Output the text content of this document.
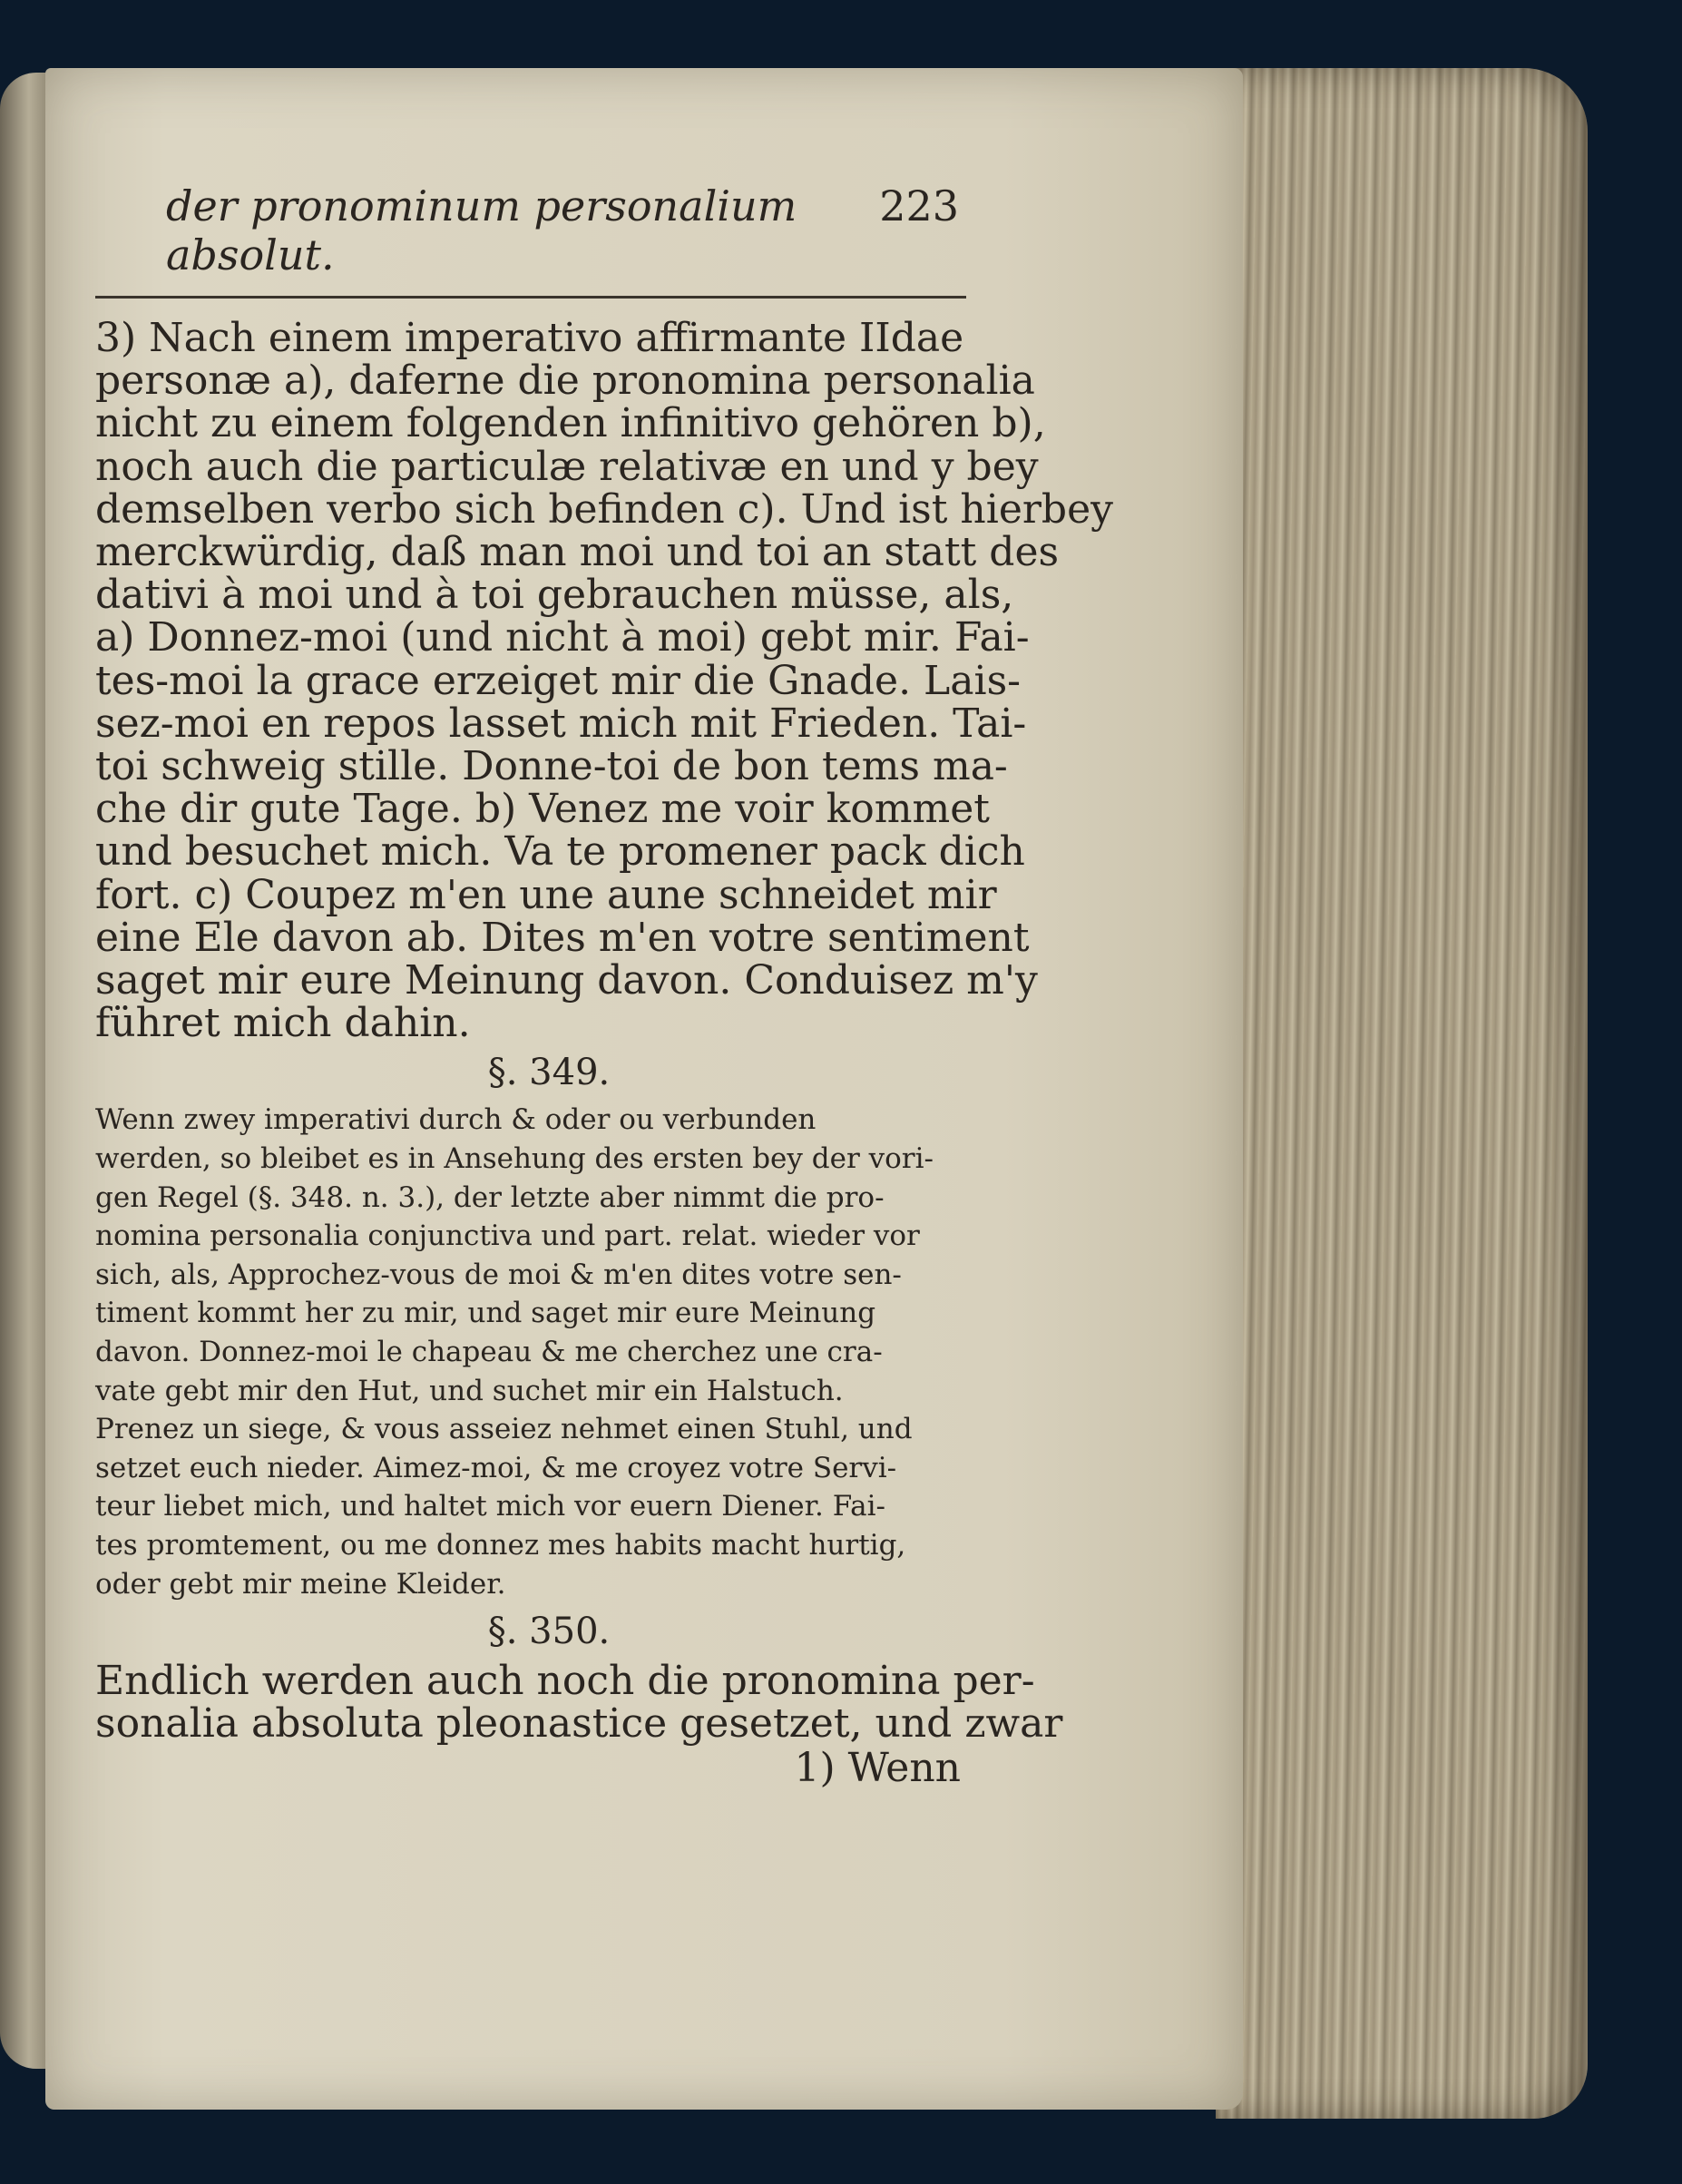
der pronominum personalium absolut.
223
3) Nach einem imperativo affirmante IIdae
personæ a), daferne die pronomina personalia
nicht zu einem folgenden infinitivo gehören b),
noch auch die particulæ relativæ en und y bey
demselben verbo sich befinden c). Und ist hierbey
merckwürdig, daß man moi und toi an statt des
dativi à moi und à toi gebrauchen müsse, als,
a) Donnez-moi (und nicht à moi) gebt mir. Fai-
tes-moi la grace erzeiget mir die Gnade. Lais-
sez-moi en repos lasset mich mit Frieden. Tai-
toi schweig stille. Donne-toi de bon tems ma-
che dir gute Tage. b) Venez me voir kommet
und besuchet mich. Va te promener pack dich
fort. c) Coupez m'en une aune schneidet mir
eine Ele davon ab. Dites m'en votre sentiment
saget mir eure Meinung davon. Conduisez m'y
führet mich dahin.

§. 349.

Wenn zwey imperativi durch & oder ou verbunden
werden, so bleibet es in Ansehung des ersten bey der vori-
gen Regel (§. 348. n. 3.), der letzte aber nimmt die pro-
nomina personalia conjunctiva und part. relat. wieder vor
sich, als, Approchez-vous de moi & m'en dites votre sen-
timent kommt her zu mir, und saget mir eure Meinung
davon. Donnez-moi le chapeau & me cherchez une cra-
vate gebt mir den Hut, und suchet mir ein Halstuch.
Prenez un siege, & vous asseiez nehmet einen Stuhl, und
setzet euch nieder. Aimez-moi, & me croyez votre Servi-
teur liebet mich, und haltet mich vor euern Diener. Fai-
tes promtement, ou me donnez mes habits macht hurtig,
oder gebt mir meine Kleider.

§. 350.

Endlich werden auch noch die pronomina per-
sonalia absoluta pleonastice gesetzet, und zwar

1) Wenn
